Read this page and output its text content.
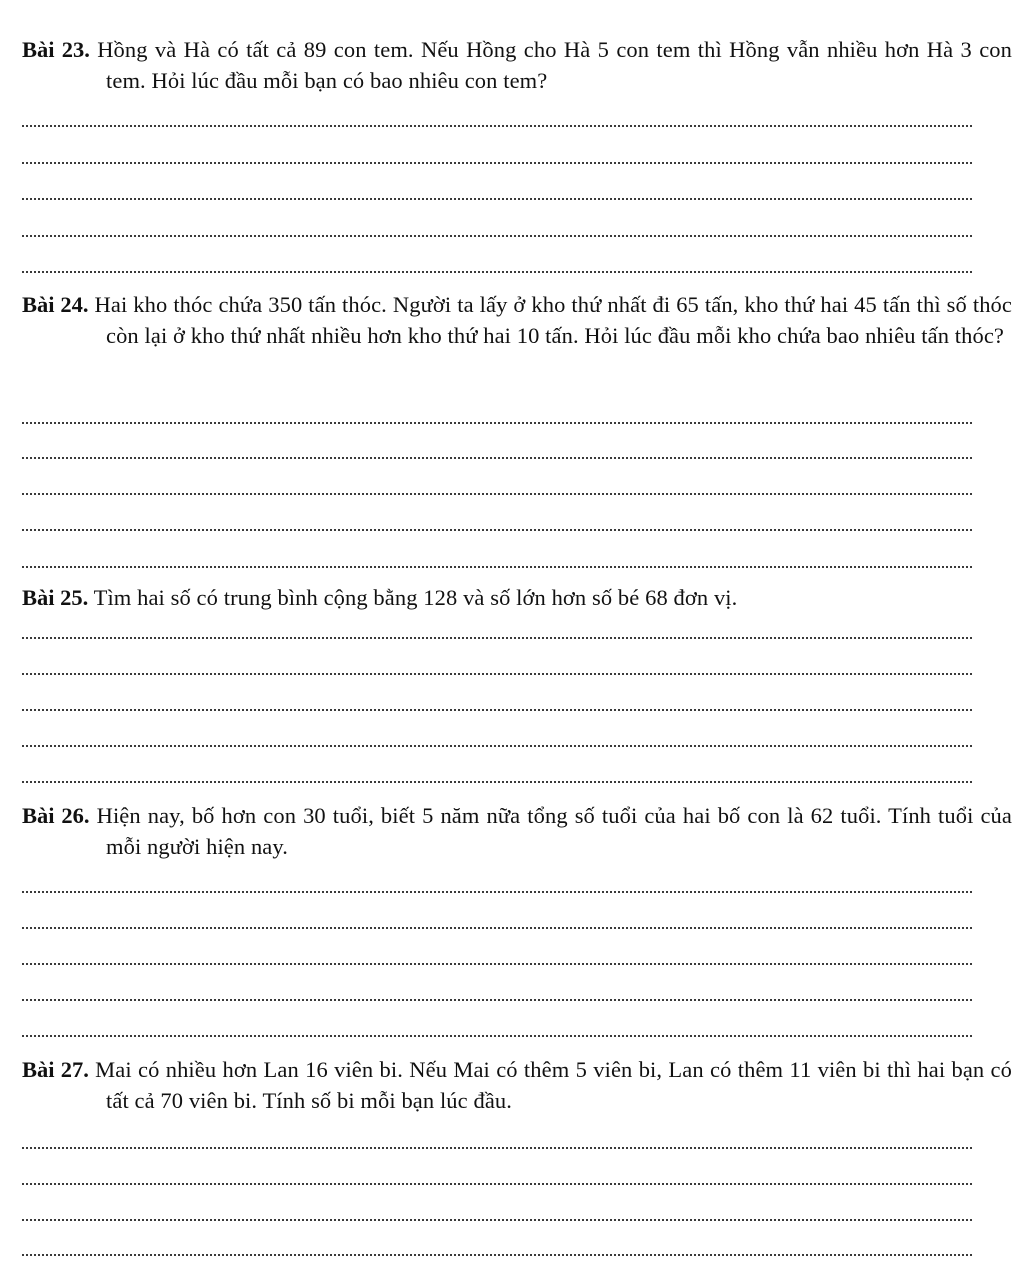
Bài 23. Hồng và Hà có tất cả 89 con tem. Nếu Hồng cho Hà 5 con tem thì Hồng vẫn nhiều hơn Hà 3 con tem. Hỏi lúc đầu mỗi bạn có bao nhiêu con tem?

Bài 24. Hai kho thóc chứa 350 tấn thóc. Người ta lấy ở kho thứ nhất đi 65 tấn, kho thứ hai 45 tấn thì số thóc còn lại ở kho thứ nhất nhiều hơn kho thứ hai 10 tấn. Hỏi lúc đầu mỗi kho chứa bao nhiêu tấn thóc?

Bài 25. Tìm hai số có trung bình cộng bằng 128 và số lớn hơn số bé 68 đơn vị.

Bài 26. Hiện nay, bố hơn con 30 tuổi, biết 5 năm nữa tổng số tuổi của hai bố con là 62 tuổi. Tính tuổi của mỗi người hiện nay.

Bài 27. Mai có nhiều hơn Lan 16 viên bi. Nếu Mai có thêm 5 viên bi, Lan có thêm 11 viên bi thì hai bạn có tất cả 70 viên bi. Tính số bi mỗi bạn lúc đầu.
